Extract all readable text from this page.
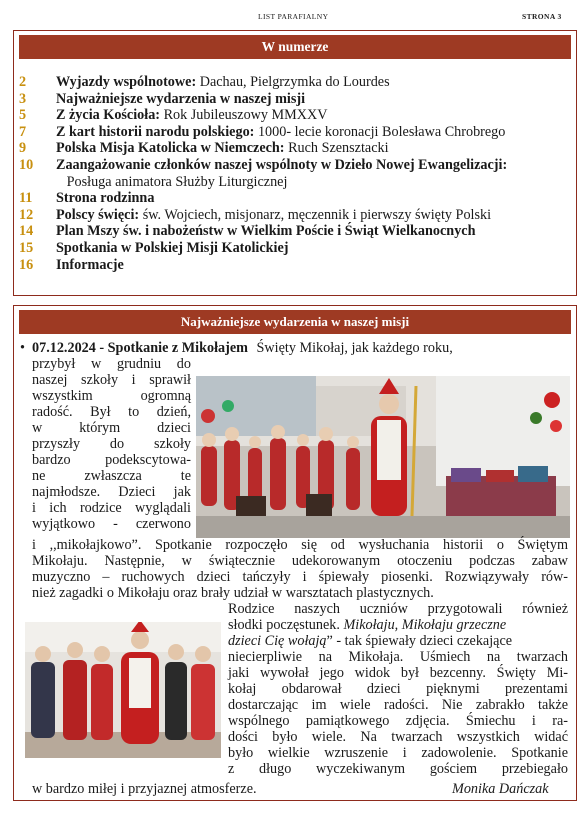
LIST PARAFIALNY	STRONA 3
W numerze
2 Wyjazdy wspólnotowe: Dachau, Pielgrzymka do Lourdes
3 Najważniejsze wydarzenia w naszej misji
5 Z życia Kościoła: Rok Jubileuszowy MMXXV
7 Z kart historii narodu polskiego: 1000- lecie koronacji Bolesława Chrobrego
9 Polska Misja Katolicka w Niemczech: Ruch Szensztacki
10 Zaangażowanie członków naszej wspólnoty w Dzieło Nowej Ewangelizacji:   Posługa animatora Służby Liturgicznej
11 Strona rodzinna
12 Polscy święci: św. Wojciech, misjonarz, męczennik i pierwszy święty Polski
14 Plan Mszy św. i nabożeństw w Wielkim Poście i Świąt Wielkanocnych
15 Spotkania w Polskiej Misji Katolickiej
16 Informacje
Najważniejsze wydarzenia w naszej misji
• 07.12.2024 - Spotkanie z Mikołajem Święty Mikołaj, jak każdego roku,
przybył w grudniu do
naszej szkoły i sprawił
wszystkim ogromną
radość. Był to dzień,
w którym dzieci
przyszły do szkoły
bardzo podekscytowa-
ne zwłaszcza te
najmłodsze. Dzieci jak
i ich rodzice wyglądali
wyjątkowo - czerwono
i ,,mikołajkowo”. Spotkanie rozpoczęło się od wysłuchania historii o Świętym
Mikołaju. Następnie, w świątecznie udekorowanym otoczeniu podczas zabaw
muzyczno – ruchowych dzieci tańczyły i śpiewały piosenki. Rozwiązywały rów-
nież zagadki o Mikołaju oraz brały udział w warsztatach plastycznych.
Rodzice naszych uczniów przygotowali również
słodki poczęstunek. Mikołaju, Mikołaju grzeczne
dzieci Cię wołają” - tak śpiewały dzieci czekające
niecierpliwie na Mikołaja. Uśmiech na twarzach
jaki wywołał jego widok był bezcenny. Święty Mi-
kołaj obdarował dzieci pięknymi prezentami
dostarczając im wiele radości. Nie zabrakło także
wspólnego pamiątkowego zdjęcia. Śmiechu i ra-
dości było wiele. Na twarzach wszystkich widać
było wielkie wzruszenie i zadowolenie. Spotkanie
z długo wyczekiwanym gościem przebiegało
w bardzo miłej i przyjaznej atmosferze.	Monika Dańczak
